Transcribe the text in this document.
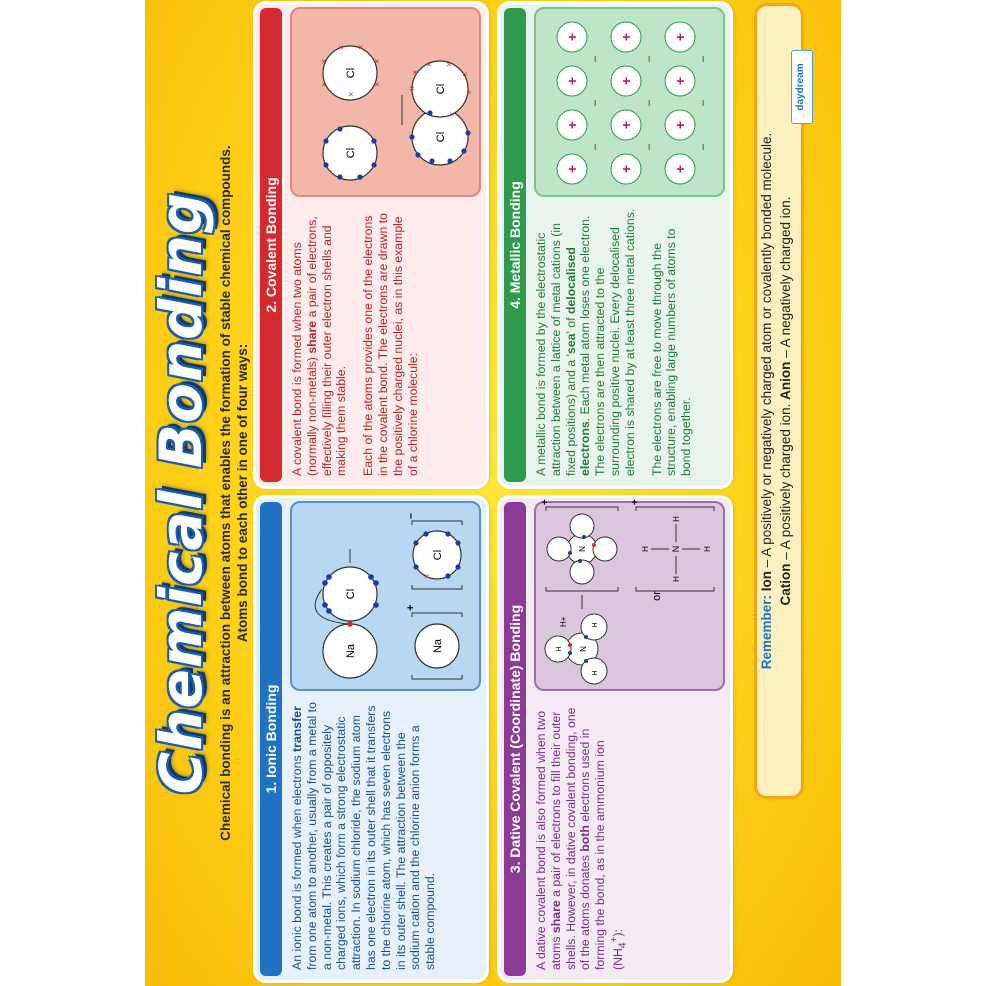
Chemical Bonding Chemical bonding is an attraction between atoms that enables the formation of stable chemical compounds. Atoms bond to each other in one of four ways:
1. Ionic Bonding
An ionic bond is formed when electrons transfer from one atom to another, usually from a metal to a non-metal. This creates a pair of oppositely charged ions, which form a strong electrostatic attraction. In sodium chloride, the sodium atom has one electron in its outer shell that it transfers to the chlorine atom, which has seven electrons in its outer shell. The attraction between the sodium cation and the chlorine anion forms a stable compound.
Na
Cl
Na
+
Cl
×
–
2. Covalent Bonding A covalent bond is formed when two atoms (normally non-metals) share a pair of electrons, effectively filling their outer electron shells and making them stable. Each of the atoms provides one of the electrons in the covalent bond. The electrons are drawn to the positively charged nuclei, as in this example of a chlorine molecule:
Cl
Cl
×
×
×
× ×
×
×
Cl
Cl
×
×
× ×
×
×
×
3. Dative Covalent (Coordinate) Bonding A dative covalent bond is also formed when two atoms share a pair of electrons to fill their outer shells. However, in dative covalent bonding, one of the atoms donates both electrons used in forming the bond, as in the ammonium ion $(NH_4^+)$:
N
H
H
H
H+
N
+
or
N
H	H
H
H
+
4. Metallic Bonding A metallic bond is formed by the electrostatic attraction between a lattice of metal cations (in fixed positions) and a 'sea' of delocalised electrons. Each metal atom loses one electron. The electrons are then attracted to the surrounding positive nuclei. Every delocalised electron is shared by at least three metal cations. The electrons are free to move through the structure, enabling large numbers of atoms to bond together.
+
–
+
–
+
–
+
+
–
+
–
+
–
+
+
–
+
–
+
–
+
Remember: Ion – A positively or negatively charged atom or covalently bonded molecule.
Cation – A positively charged ion. Anion – A negatively charged ion.
daydream
